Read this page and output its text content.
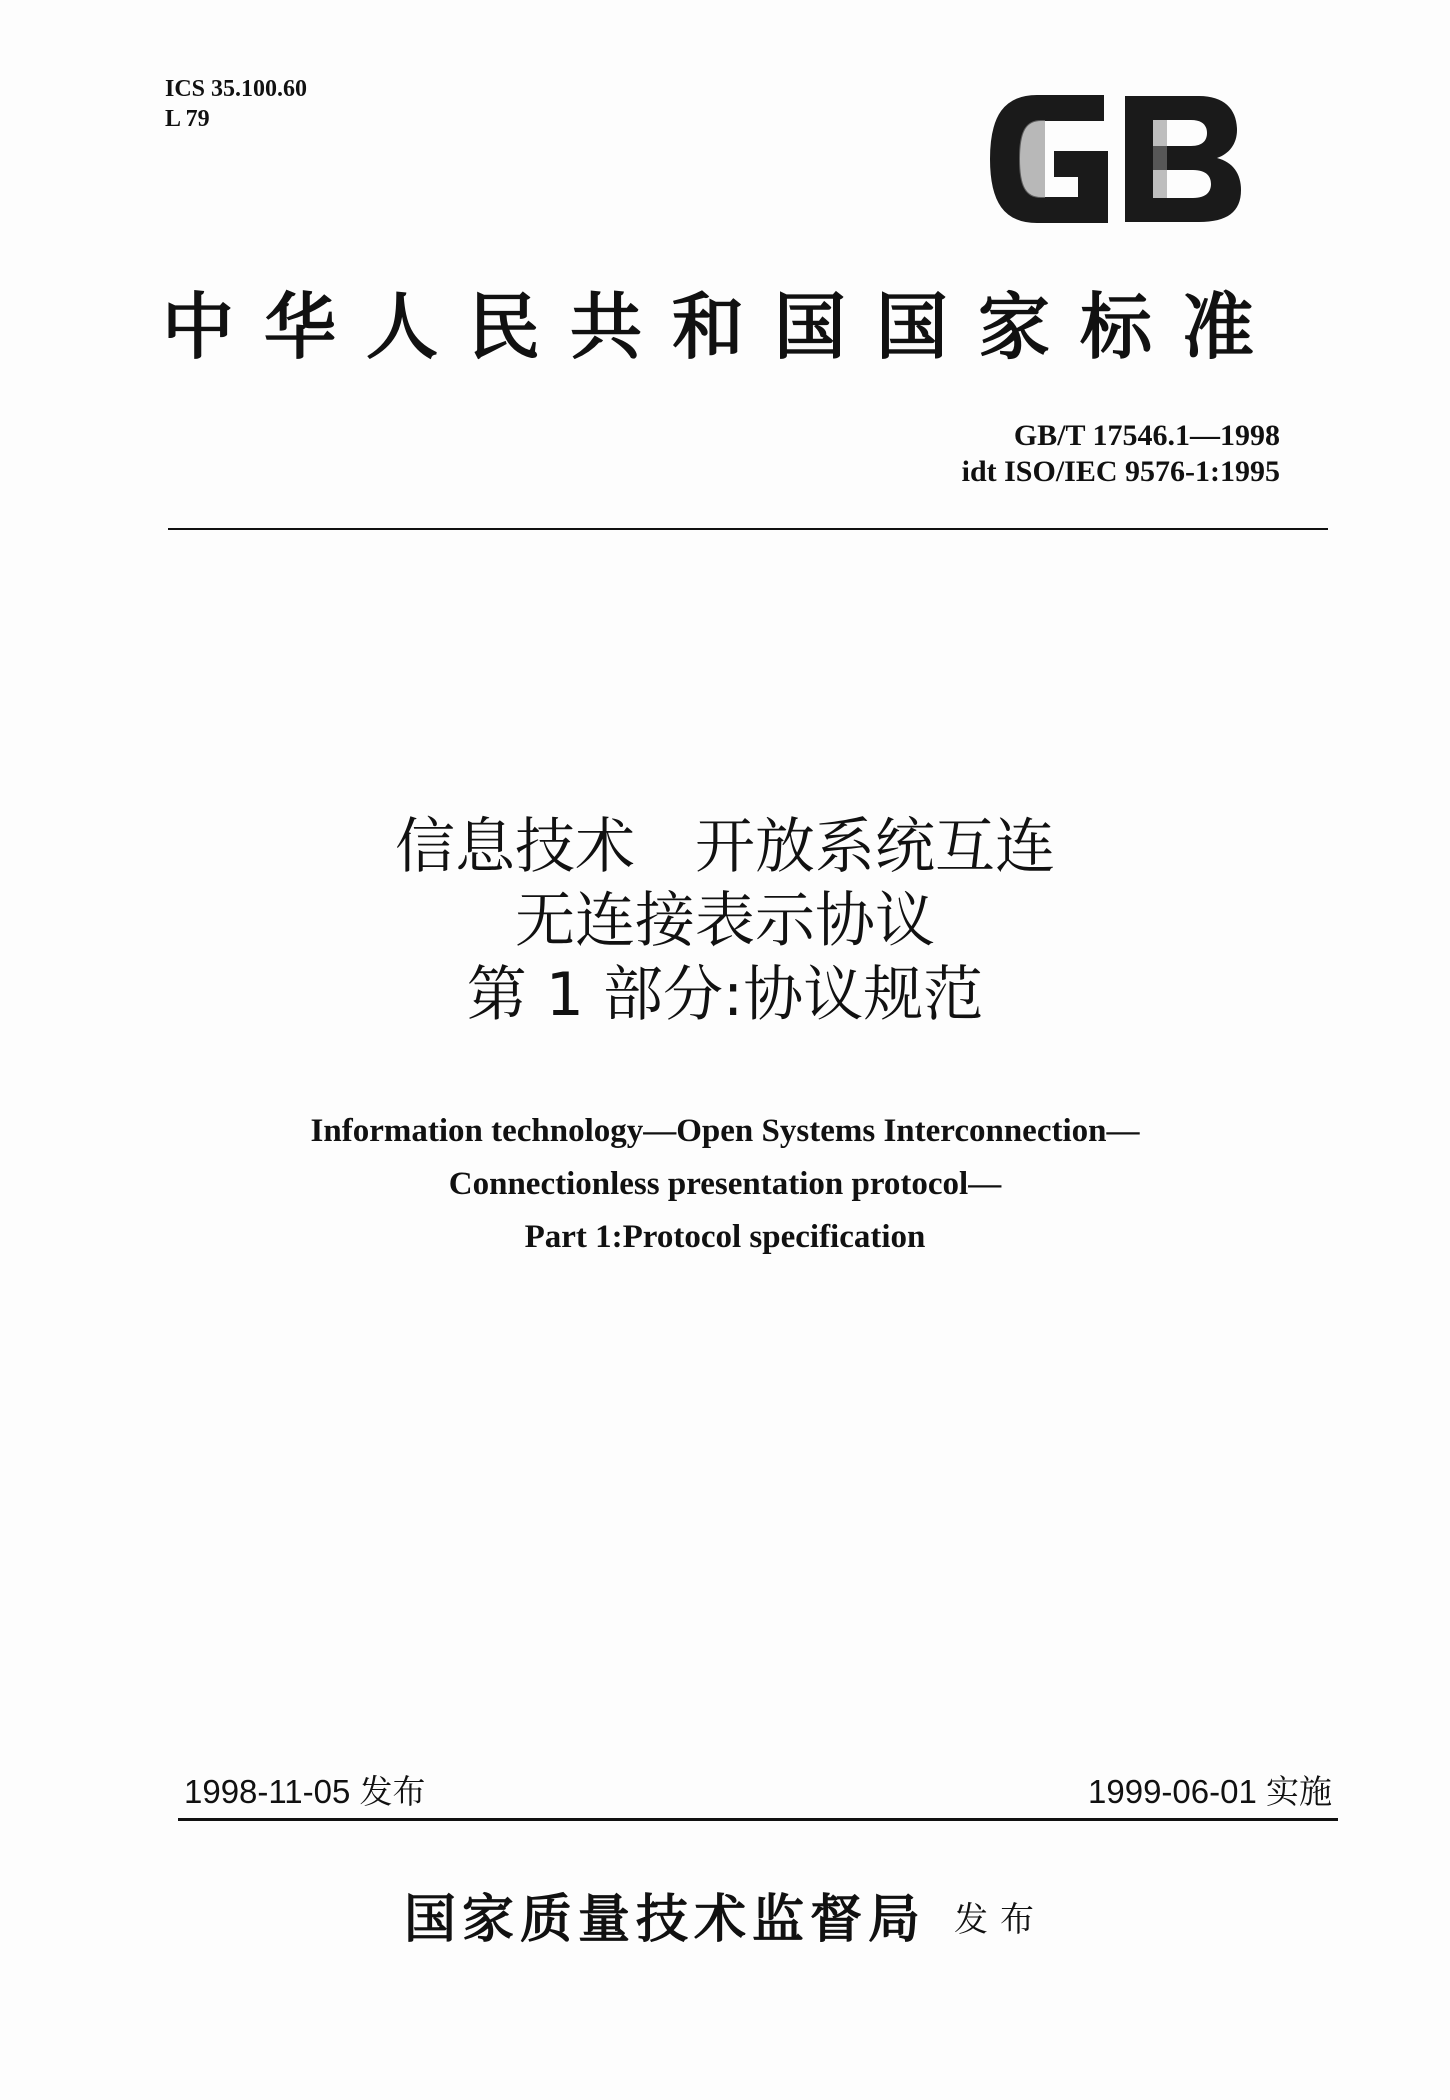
ICS 35.100.60
L 79
中华人民共和国国家标准
GB/T 17546.1—1998
idt ISO/IEC 9576-1:1995
信息技术　开放系统互连
无连接表示协议
第 1 部分:协议规范
Information technology—Open Systems Interconnection—
Connectionless presentation protocol—
Part 1:Protocol specification
1998-11-05 发布	1999-06-01 实施
国家质量技术监督局 发布
